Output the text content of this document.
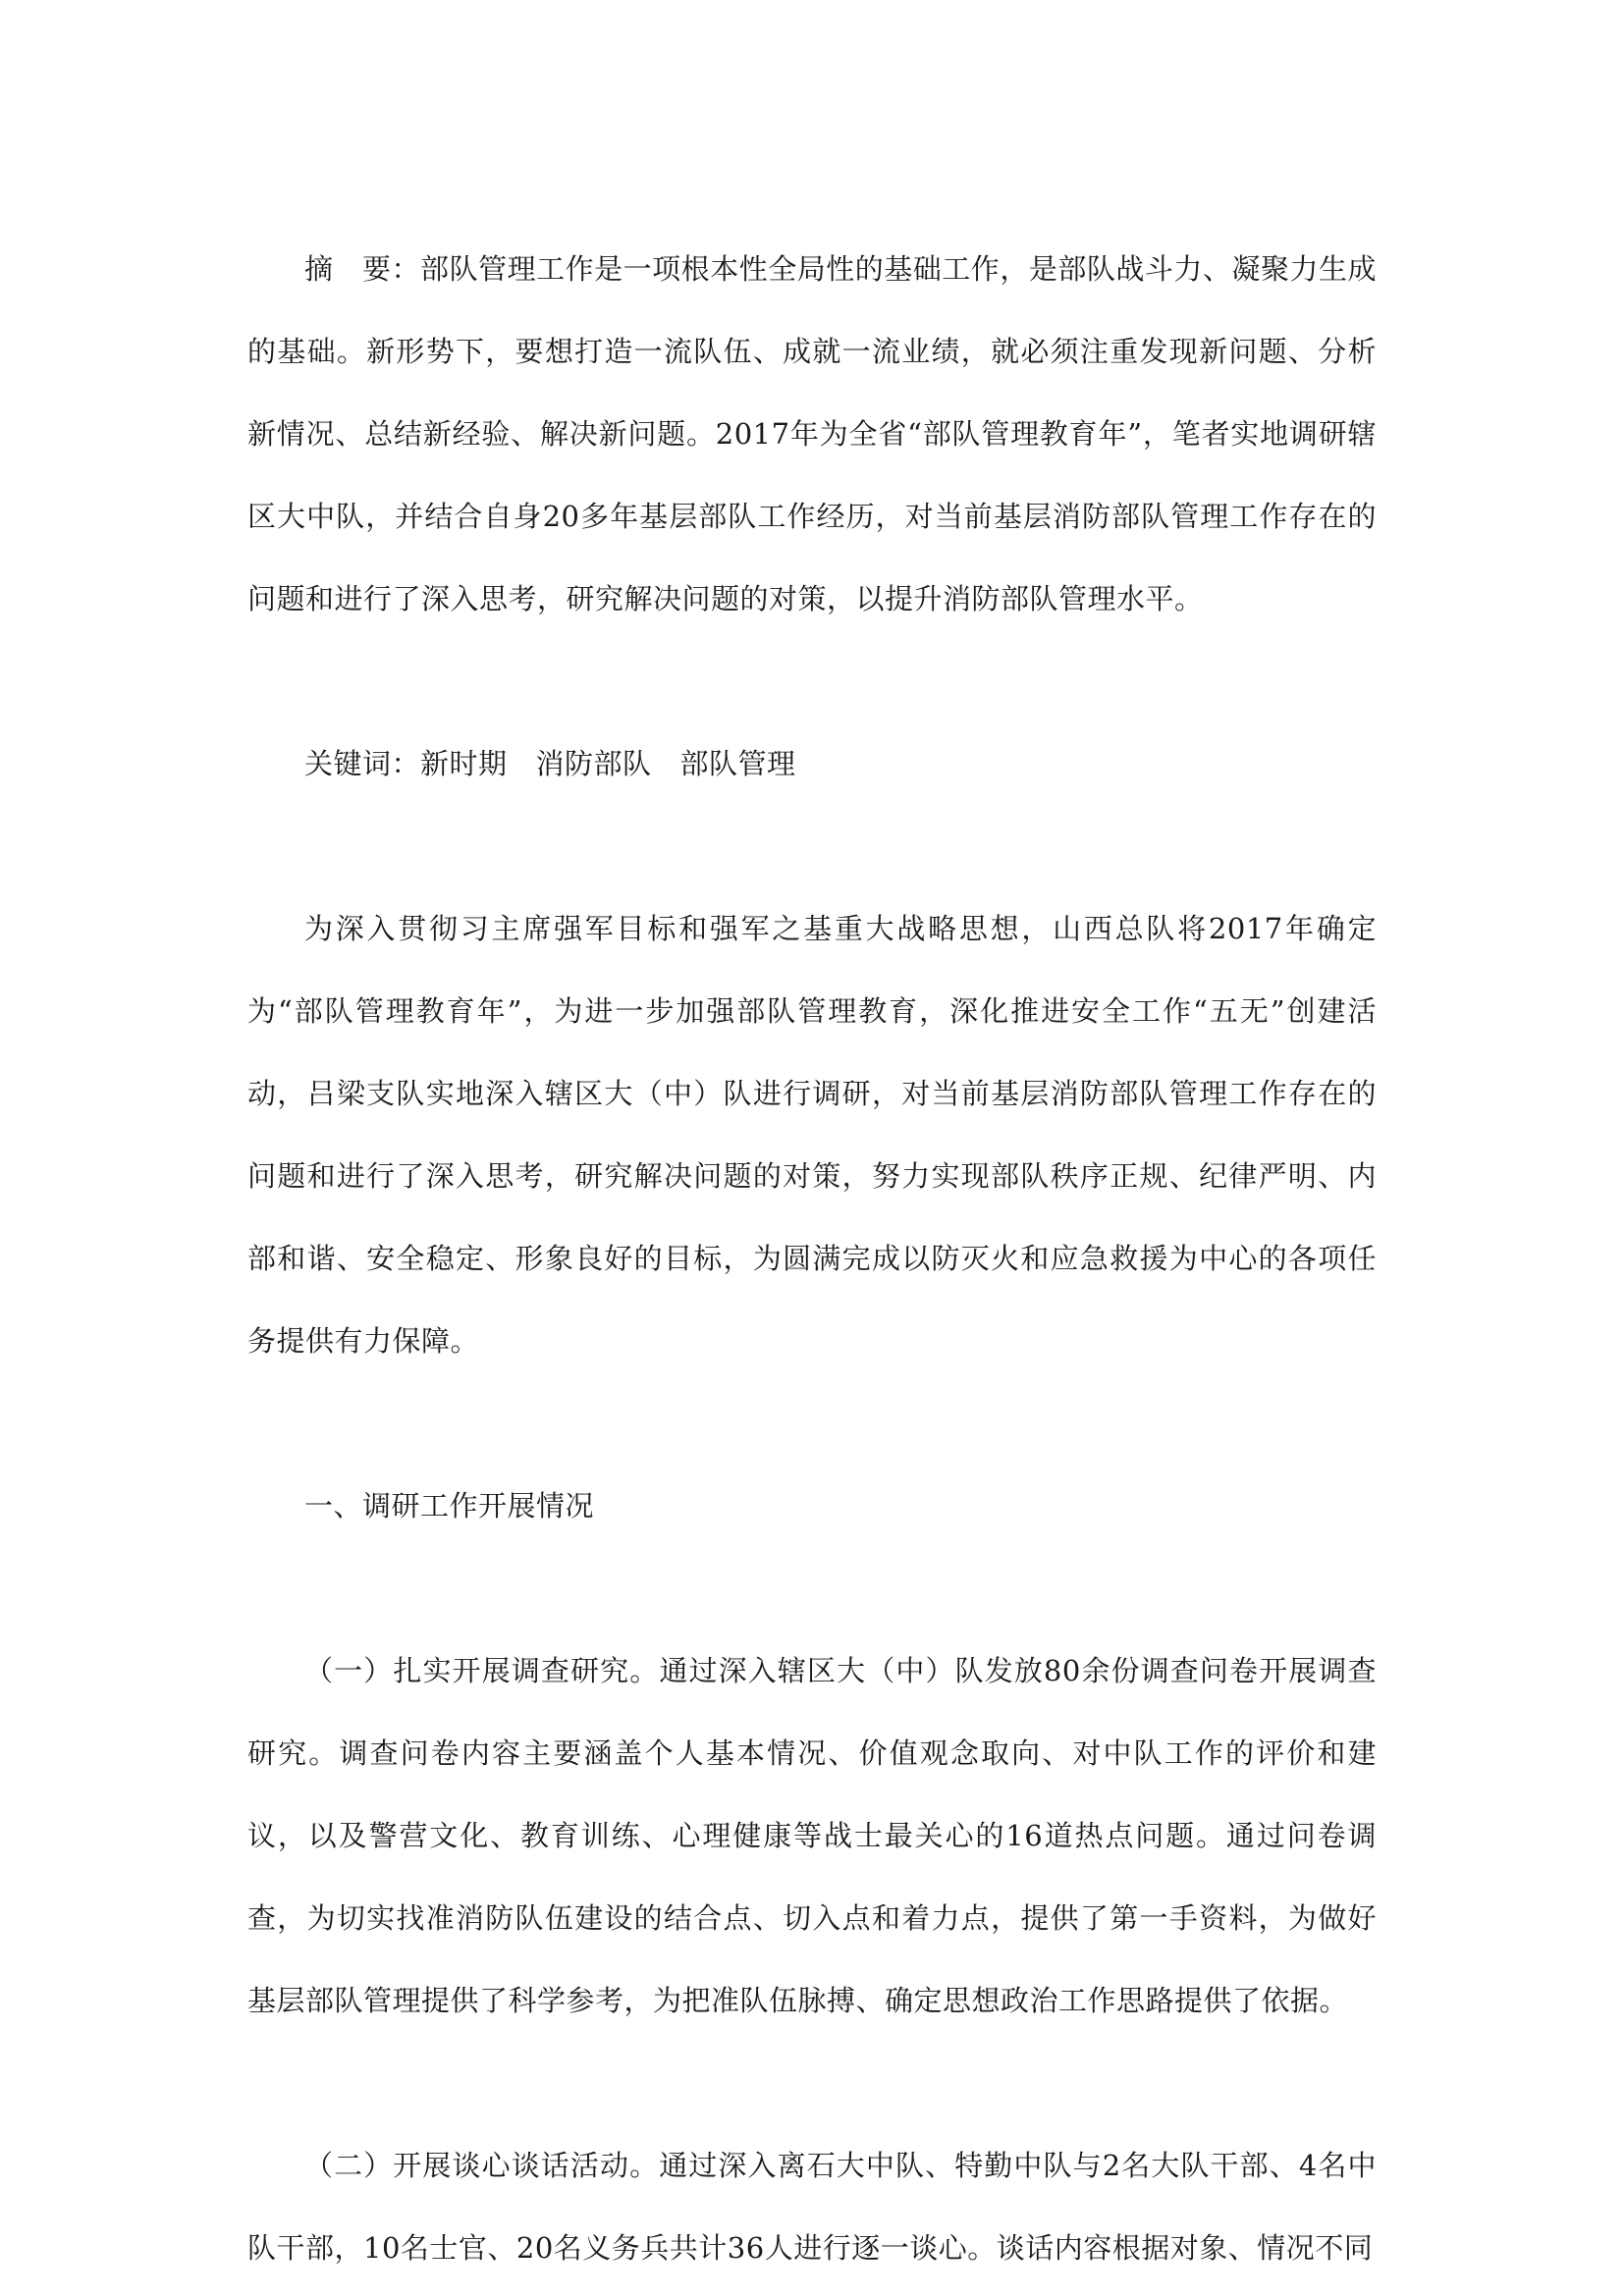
摘　要：部队管理工作是一项根本性全局性的基础工作，是部队战斗力、凝聚力生成的基础。新形势下，要想打造一流队伍、成就一流业绩，就必须注重发现新问题、分析新情况、总结新经验、解决新问题。2017年为全省“部队管理教育年”，笔者实地调研辖区大中队，并结合自身20多年基层部队工作经历，对当前基层消防部队管理工作存在的问题和进行了深入思考，研究解决问题的对策，以提升消防部队管理水平。

关键词：新时期 消防部队 部队管理

为深入贯彻习主席强军目标和强军之基重大战略思想，山西总队将2017年确定为“部队管理教育年”，为进一步加强部队管理教育，深化推进安全工作“五无”创建活动，吕梁支队实地深入辖区大（中）队进行调研，对当前基层消防部队管理工作存在的问题和进行了深入思考，研究解决问题的对策，努力实现部队秩序正规、纪律严明、内部和谐、安全稳定、形象良好的目标，为圆满完成以防灭火和应急救援为中心的各项任务提供有力保障。

一、调研工作开展情况

（一）扎实开展调查研究。通过深入辖区大（中）队发放80余份调查问卷开展调查研究。调查问卷内容主要涵盖个人基本情况、价值观念取向、对中队工作的评价和建议，以及警营文化、教育训练、心理健康等战士最关心的16道热点问题。通过问卷调查，为切实找准消防队伍建设的结合点、切入点和着力点，提供了第一手资料，为做好基层部队管理提供了科学参考，为把准队伍脉搏、确定思想政治工作思路提供了依据。

（二）开展谈心谈话活动。通过深入离石大中队、特勤中队与2名大队干部、4名中队干部，10名士官、20名义务兵共计36人进行逐一谈心。谈话内容根据对象、情况不同
